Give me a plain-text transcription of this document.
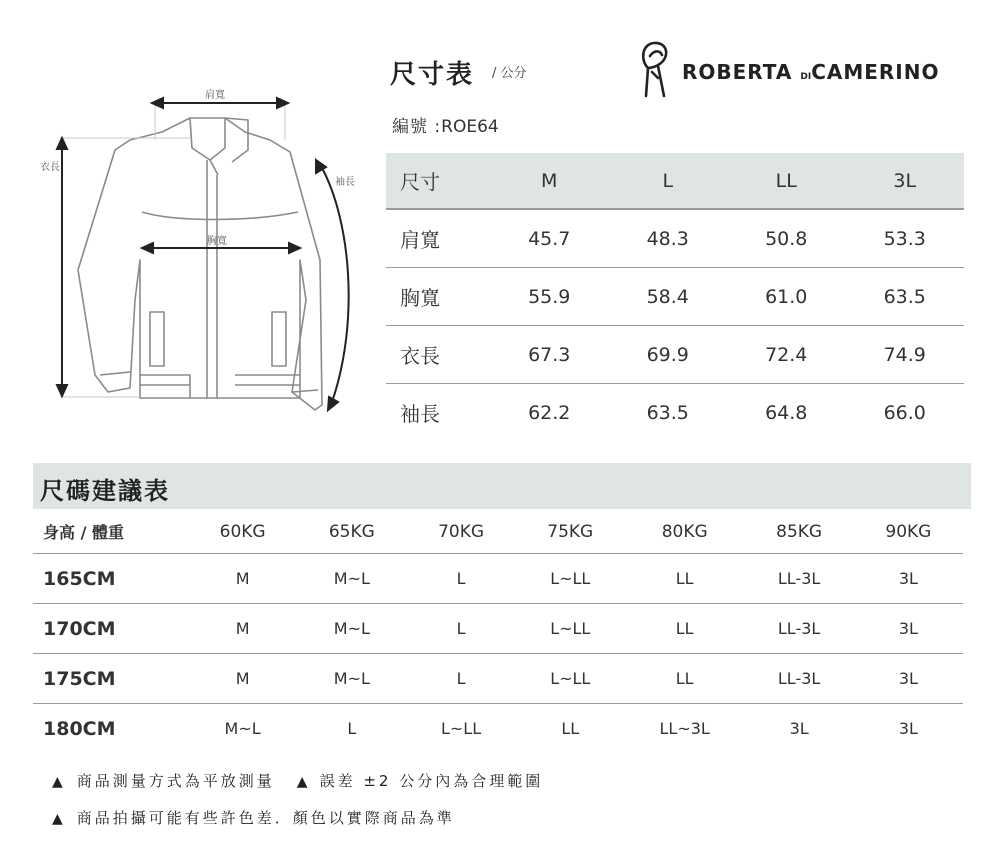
肩寬
胸寬
衣長
袖長
尺寸表 / 公分
編號 :ROE64
ROBERTA DICAMERINO
尺寸	M	L	LL	3L
肩寬	45.7	48.3	50.8	53.3
胸寬	55.9	58.4	61.0	63.5
衣長	67.3	69.9	72.4	74.9
袖長	62.2	63.5	64.8	66.0
尺碼建議表
身高 / 體重	60KG	65KG	70KG	75KG	80KG	85KG	90KG
165CM	M	M~L	L	L~LL	LL	LL-3L	3L
170CM	M	M~L	L	L~LL	LL	LL-3L	3L
175CM	M	M~L	L	L~LL	LL	LL-3L	3L
180CM	M~L	L	L~LL	LL	LL~3L	3L	3L
▲ 商品測量方式為平放測量 ▲ 誤差 ±2 公分內為合理範圍
▲ 商品拍攝可能有些許色差．顏色以實際商品為準
